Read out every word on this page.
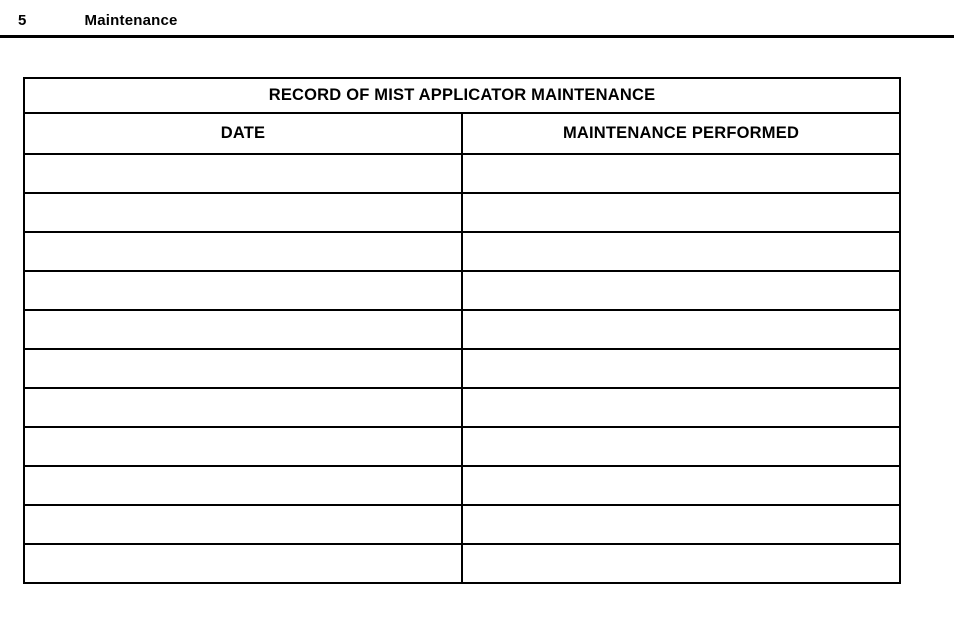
5	Maintenance
RECORD OF MIST APPLICATOR MAINTENANCE	
DATE	MAINTENANCE PERFORMED
